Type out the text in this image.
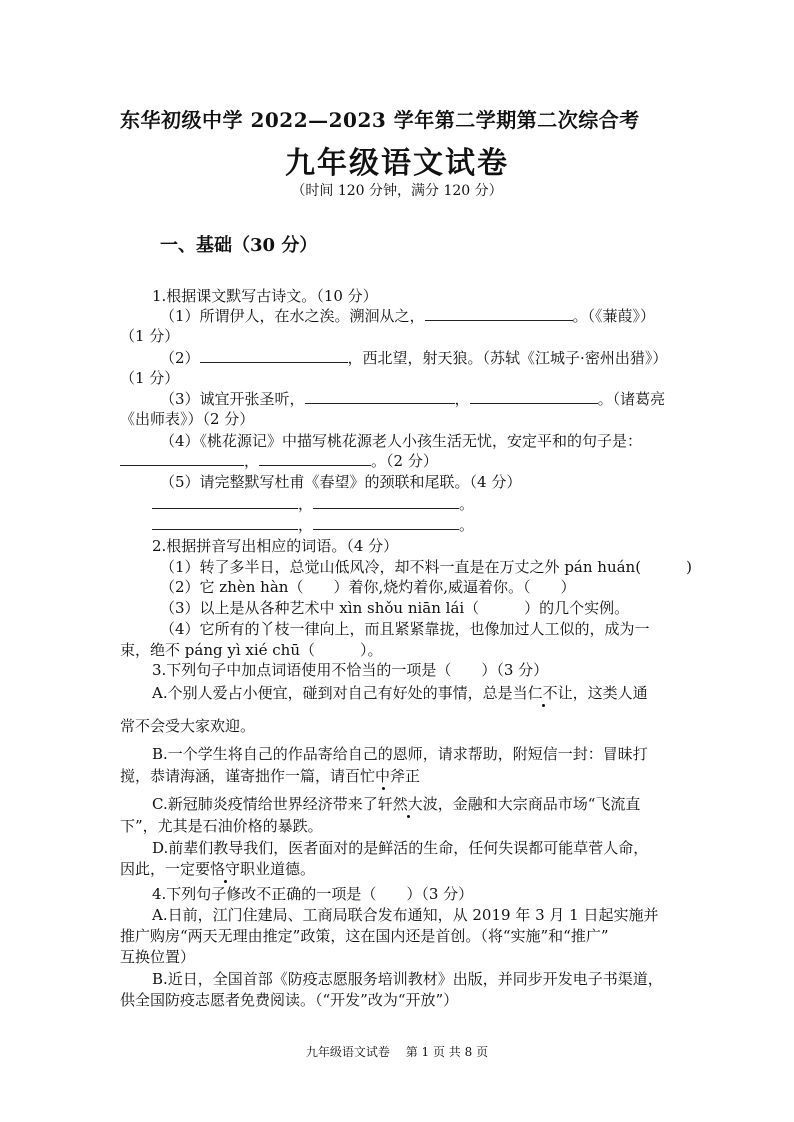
东华初级中学 2022—2023 学年第二学期第二次综合考
九年级语文试卷
（时间 120 分钟，满分 120 分）
一、基础（30 分）
1.根据课文默写古诗文。（10 分）
（1）所谓伊人，在水之涘。溯洄从之，	。（《蒹葭》）
（1 分）
（2）	，西北望，射天狼。（苏轼《江城子·密州出猎》）
（1 分）
（3）诚宜开张圣听，	，	。（诸葛亮
《出师表》）（2 分）
（4）《桃花源记》中描写桃花源老人小孩生活无忧，安定平和的句子是：
，	。（2 分）
（5）请完整默写杜甫《春望》的颈联和尾联。（4 分）
，	。
，	。
2.根据拼音写出相应的词语。（4 分）
（1）转了多半日，总觉山低风冷，却不料一直是在万丈之外 pán huán(　　　)
（2）它 zhèn hàn（　　）着你,烧灼着你,威逼着你。（　　）
（3）以上是从各种艺术中 xìn shǒu niān lái（　　　）的几个实例。
（4）它所有的丫枝一律向上，而且紧紧靠拢，也像加过人工似的，成为一
束，绝不 páng yì xié chū（　　　）。
3.下列句子中加点词语使用不恰当的一项是（　　）（3 分）
A.个别人爱占小便宜，碰到对自己有好处的事情，总是当仁不让，这类人通
常不会受大家欢迎。
B.一个学生将自己的作品寄给自己的恩师，请求帮助，附短信一封：冒昧打
搅，恭请海涵，谨寄拙作一篇，请百忙中斧正
C.新冠肺炎疫情给世界经济带来了轩然大波，金融和大宗商品市场“飞流直
下”，尤其是石油价格的暴跌。
D.前辈们教导我们，医者面对的是鲜活的生命，任何失误都可能草菅人命，
因此，一定要恪守职业道德。
4.下列句子修改不正确的一项是（　　）（3 分）
A.日前，江门住建局、工商局联合发布通知，从 2019 年 3 月 1 日起实施并
推广购房“两天无理由推定”政策，这在国内还是首创。（将“实施”和“推广”
互换位置）
B.近日，全国首部《防疫志愿服务培训教材》出版，并同步开发电子书渠道，
供全国防疫志愿者免费阅读。（“开发”改为“开放”）
九年级语文试卷　 第 1 页 共 8 页
